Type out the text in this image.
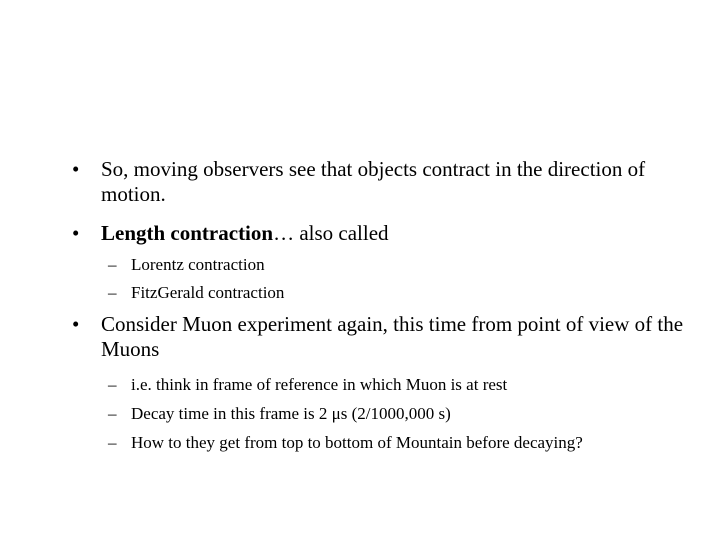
• So, moving observers see that objects contract in the direction of motion.
• Length contraction… also called
– Lorentz contraction
– FitzGerald contraction
• Consider Muon experiment again, this time from point of view of the Muons
– i.e. think in frame of reference in which Muon is at rest
– Decay time in this frame is 2 μs (2/1000,000 s)
– How to they get from top to bottom of Mountain before decaying?
